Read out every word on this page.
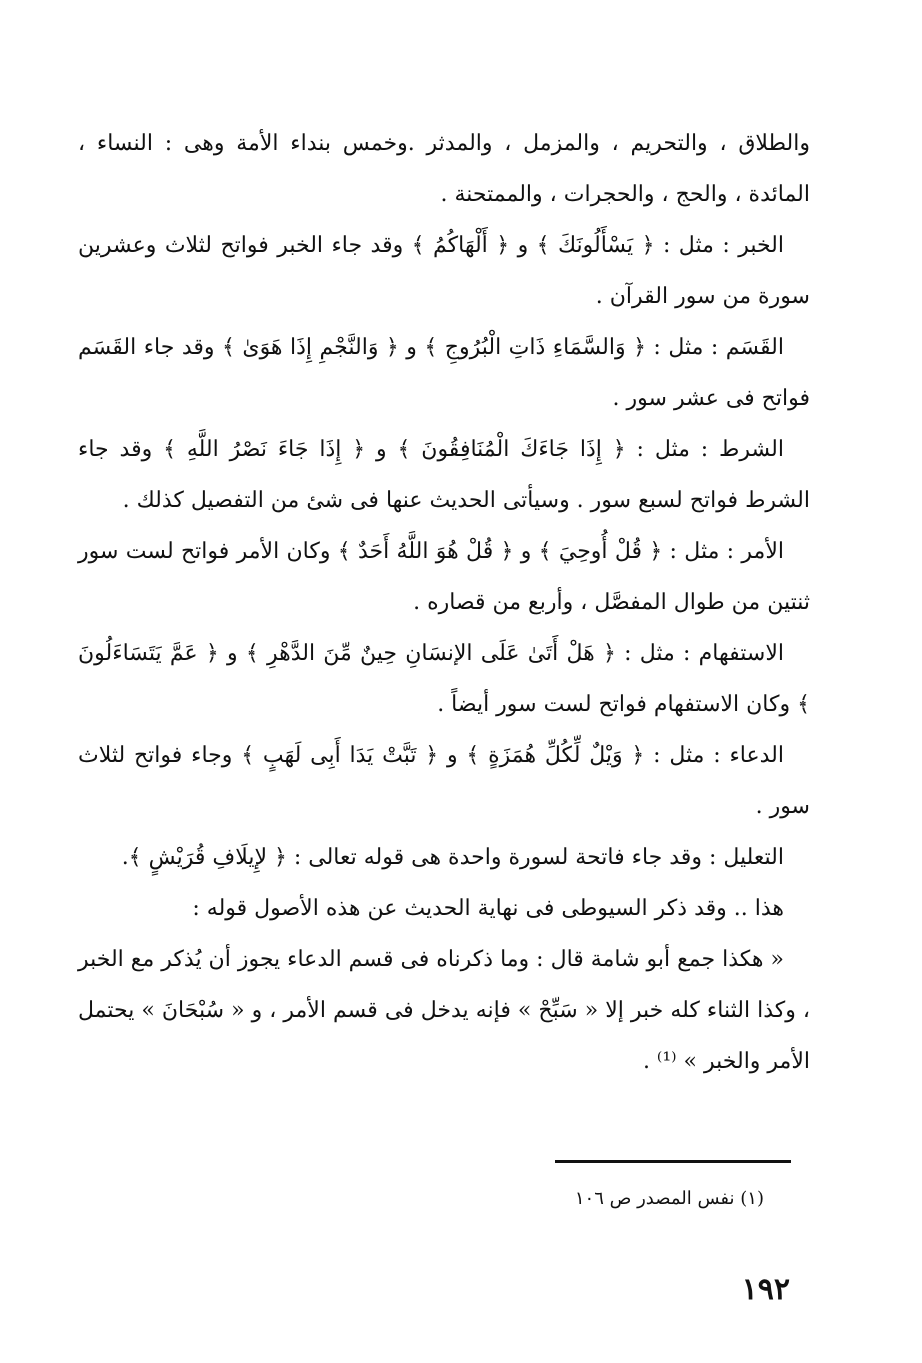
والطلاق ، والتحريم ، والمزمل ، والمدثر .وخمس بنداء الأمة وهى : النساء ، المائدة ، والحج ، والحجرات ، والممتحنة .

الخبر : مثل : ﴿ يَسْأَلُونَكَ ﴾ و ﴿ أَلْهَاكُمُ ﴾ وقد جاء الخبر فواتح لثلاث وعشرين سورة من سور القرآن .

القَسَم : مثل : ﴿ وَالسَّمَاءِ ذَاتِ الْبُرُوجِ ﴾ و ﴿ وَالنَّجْمِ إِذَا هَوَىٰ ﴾ وقد جاء القَسَم فواتح فى عشر سور .

الشرط : مثل : ﴿ إِذَا جَاءَكَ الْمُنَافِقُونَ ﴾ و ﴿ إِذَا جَاءَ نَصْرُ اللَّهِ ﴾ وقد جاء الشرط فواتح لسبع سور . وسيأتى الحديث عنها فى شئ من التفصيل كذلك .

الأمر : مثل : ﴿ قُلْ أُوحِيَ ﴾ و ﴿ قُلْ هُوَ اللَّهُ أَحَدٌ ﴾ وكان الأمر فواتح لست سور ثنتين من طوال المفصَّل ، وأربع من قصاره .

الاستفهام : مثل : ﴿ هَلْ أَتَىٰ عَلَى الإنسَانِ حِينٌ مِّنَ الدَّهْرِ ﴾ و ﴿ عَمَّ يَتَسَاءَلُونَ ﴾ وكان الاستفهام فواتح لست سور أيضاً .

الدعاء : مثل : ﴿ وَيْلٌ لِّكُلِّ هُمَزَةٍ ﴾ و ﴿ تَبَّتْ يَدَا أَبِى لَهَبٍ ﴾ وجاء فواتح لثلاث سور .

التعليل : وقد جاء فاتحة لسورة واحدة هى قوله تعالى : ﴿ لإِيلَافِ قُرَيْشٍ ﴾.

هذا .. وقد ذكر السيوطى فى نهاية الحديث عن هذه الأصول قوله :

« هكذا جمع أبو شامة قال : وما ذكرناه فى قسم الدعاء يجوز أن يُذكر مع الخبر ، وكذا الثناء كله خبر إلا « سَبِّحْ » فإنه يدخل فى قسم الأمر ، و « سُبْحَانَ » يحتمل الأمر والخبر » ⁽¹⁾ .

(١) نفس المصدر ص ١٠٦
١٩٢
